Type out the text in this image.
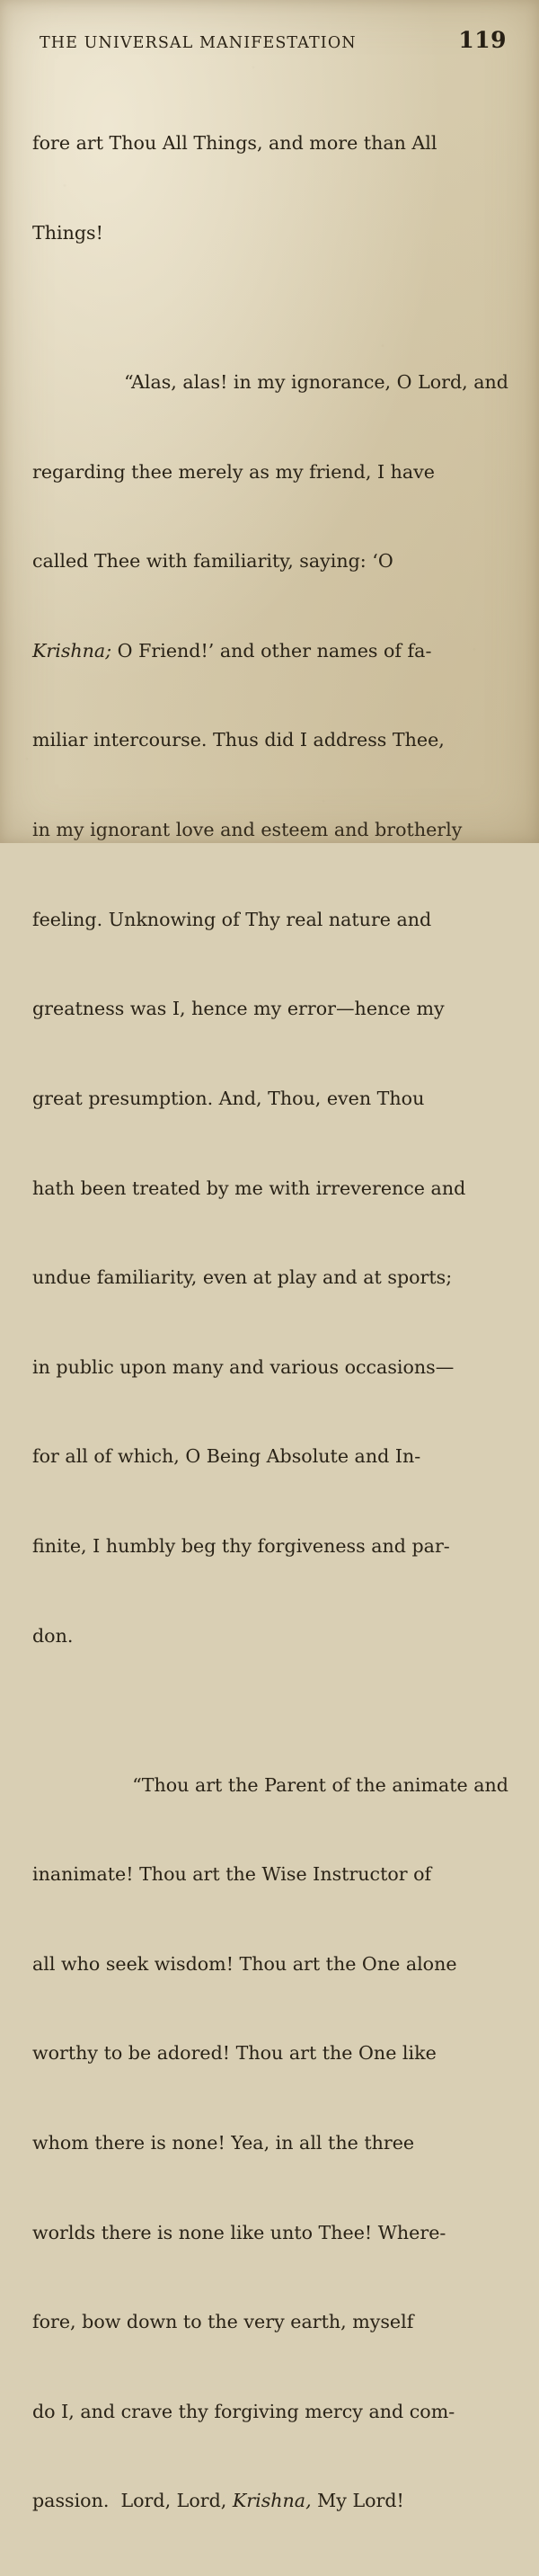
THE UNIVERSAL MANIFESTATION	119

fore art Thou All Things, and more than All

Things!

“Alas, alas! in my ignorance, O Lord, and

regarding thee merely as my friend, I have

called Thee with familiarity, saying: ‘O

Krishna; O Friend!’ and other names of fa-

miliar intercourse. Thus did I address Thee,

in my ignorant love and esteem and brotherly

feeling. Unknowing of Thy real nature and

greatness was I, hence my error—hence my

great presumption. And, Thou, even Thou

hath been treated by me with irreverence and

undue familiarity, even at play and at sports;

in public upon many and various occasions—

for all of which, O Being Absolute and In-

finite, I humbly beg thy forgiveness and par-

don.

“Thou art the Parent of the animate and

inanimate! Thou art the Wise Instructor of

all who seek wisdom! Thou art the One alone

worthy to be adored! Thou art the One like

whom there is none! Yea, in all the three

worlds there is none like unto Thee! Where-

fore, bow down to the very earth, myself

do I, and crave thy forgiving mercy and com-

passion.  Lord, Lord, Krishna, My Lord!
